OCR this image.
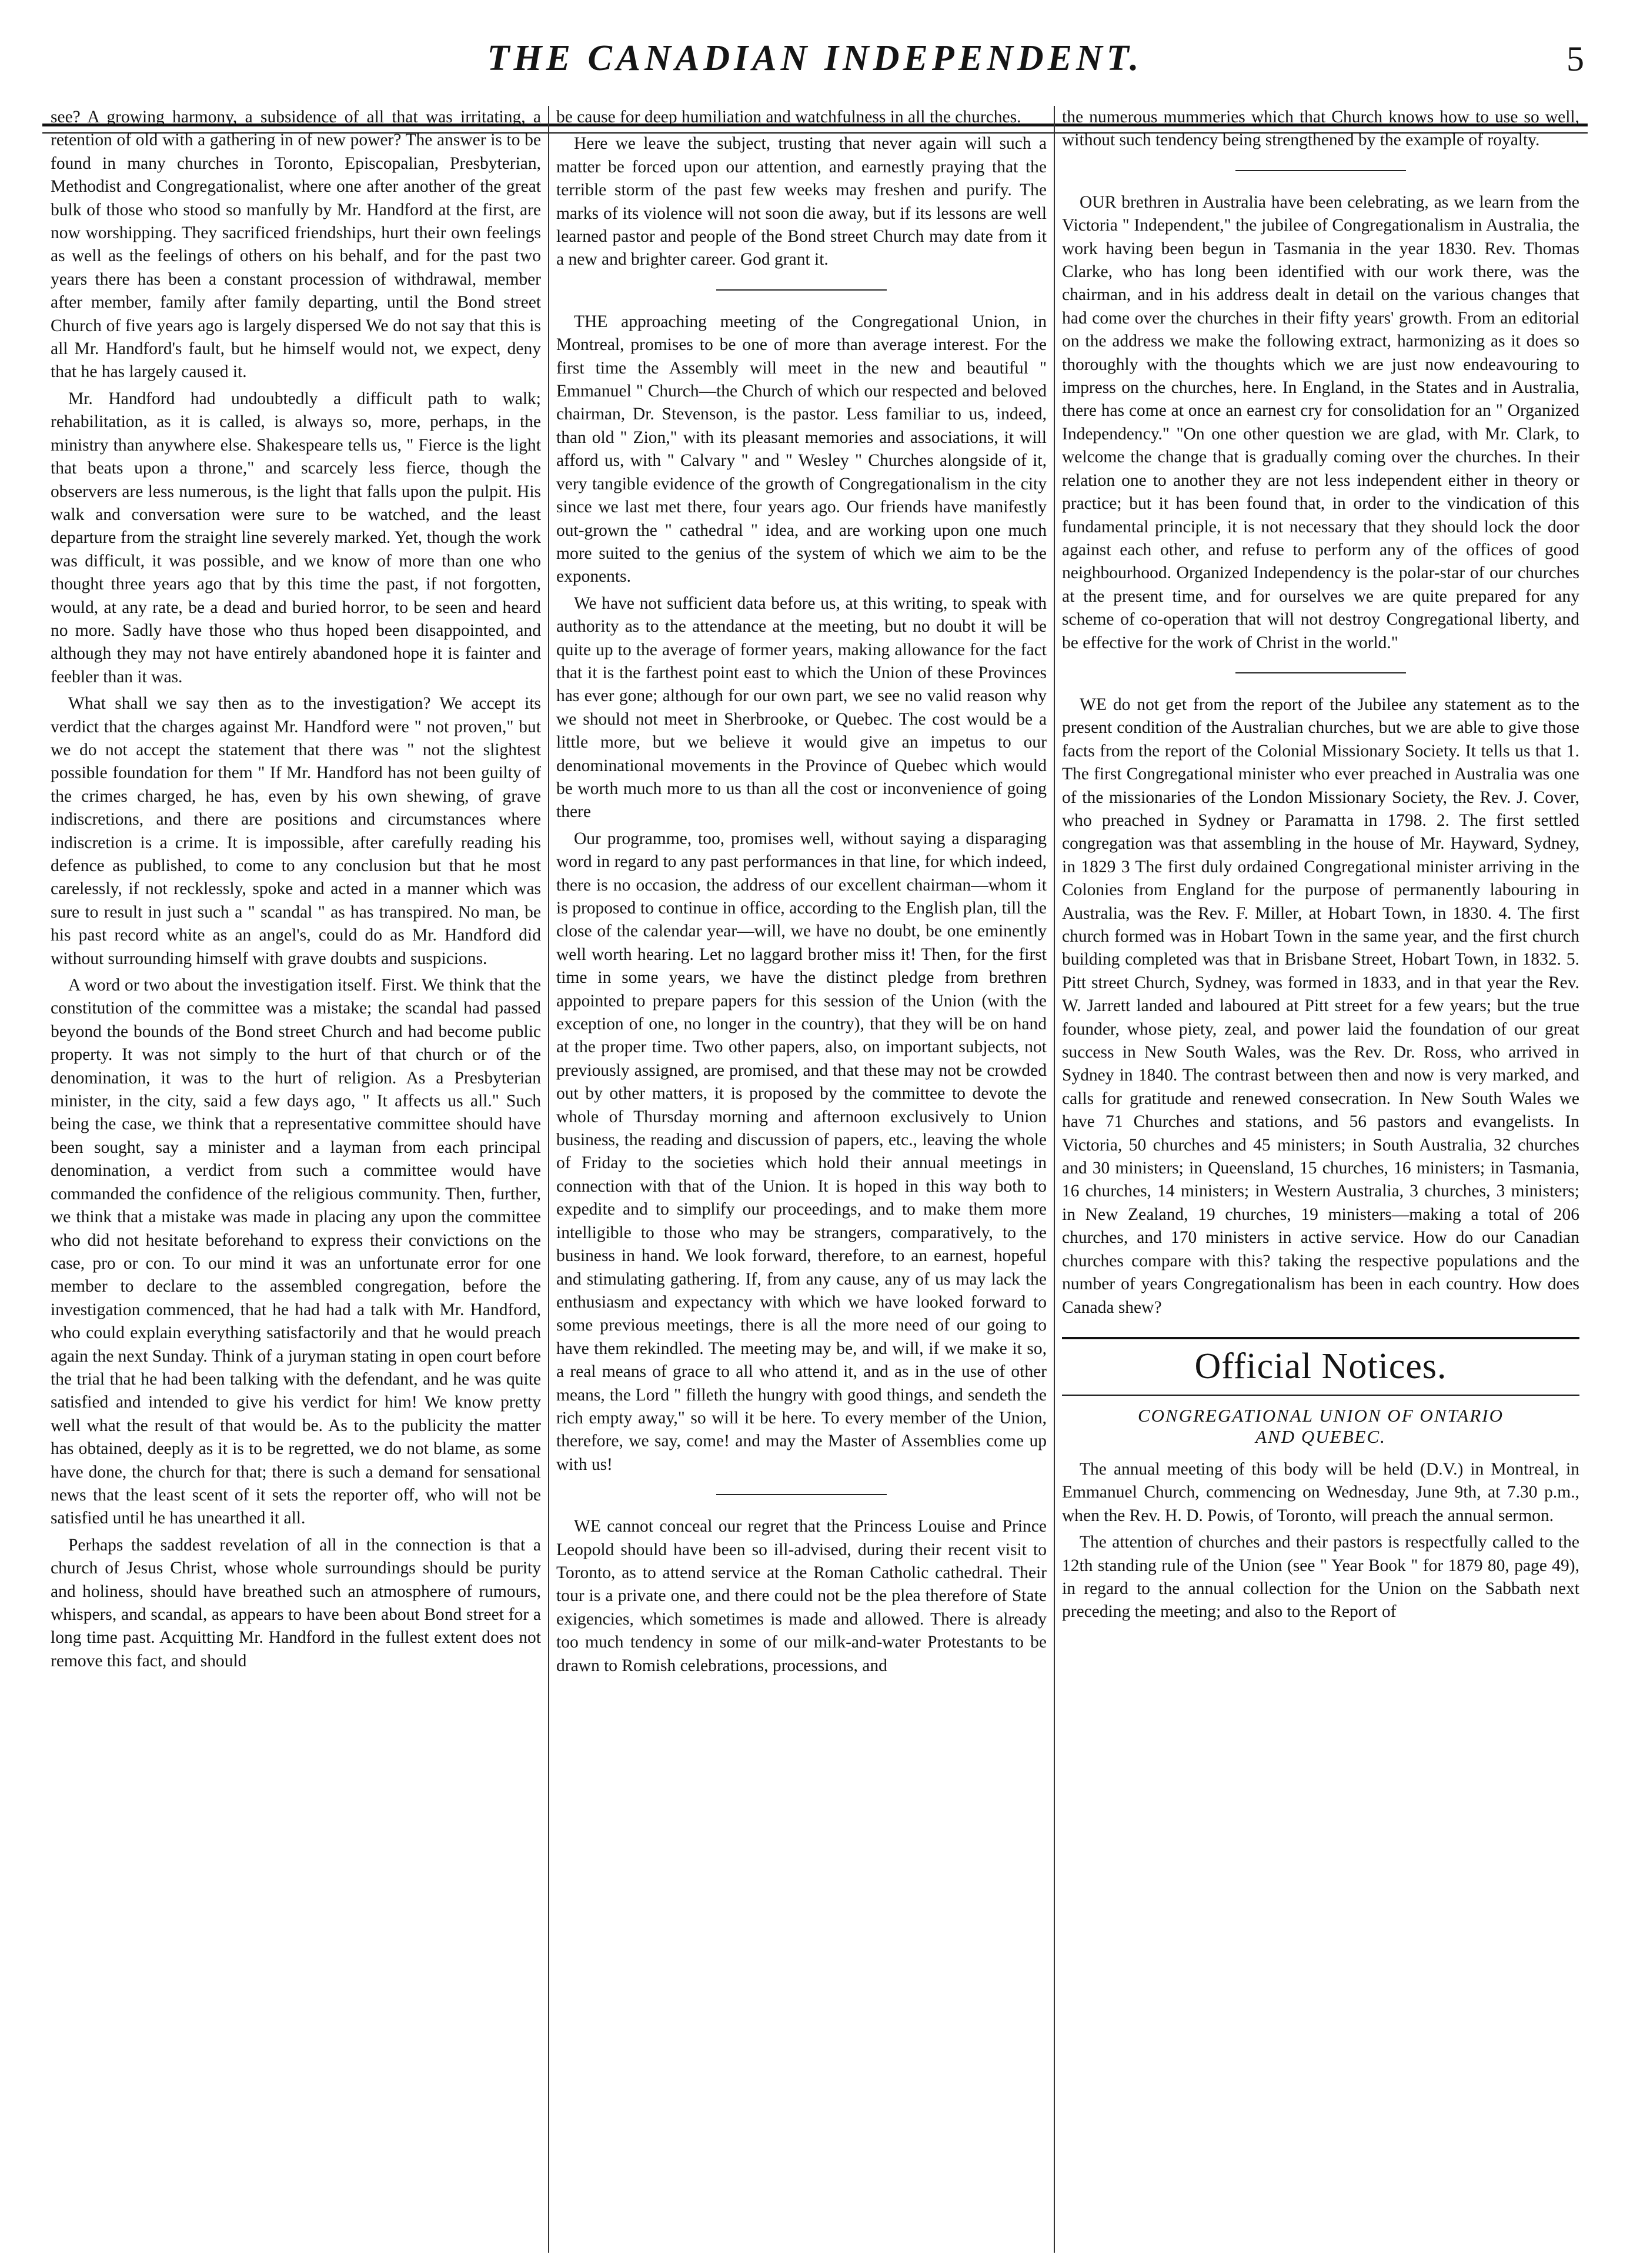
THE CANADIAN INDEPENDENT.	5

see? A growing harmony, a subsidence of all that was irritating, a retention of old with a gathering in of new power? The answer is to be found in many churches in Toronto, Episcopalian, Presbyterian, Methodist and Congregationalist, where one after another of the great bulk of those who stood so manfully by Mr. Handford at the first, are now worshipping. They sacrificed friendships, hurt their own feelings as well as the feelings of others on his behalf, and for the past two years there has been a constant procession of withdrawal, member after member, family after family departing, until the Bond street Church of five years ago is largely dispersed We do not say that this is all Mr. Handford's fault, but he himself would not, we expect, deny that he has largely caused it.

Mr. Handford had undoubtedly a difficult path to walk; rehabilitation, as it is called, is always so, more, perhaps, in the ministry than anywhere else. Shakespeare tells us, " Fierce is the light that beats upon a throne," and scarcely less fierce, though the observers are less numerous, is the light that falls upon the pulpit. His walk and conversation were sure to be watched, and the least departure from the straight line severely marked. Yet, though the work was difficult, it was possible, and we know of more than one who thought three years ago that by this time the past, if not forgotten, would, at any rate, be a dead and buried horror, to be seen and heard no more. Sadly have those who thus hoped been disappointed, and although they may not have entirely abandoned hope it is fainter and feebler than it was.

What shall we say then as to the investigation? We accept its verdict that the charges against Mr. Handford were " not proven," but we do not accept the statement that there was " not the slightest possible foundation for them " If Mr. Handford has not been guilty of the crimes charged, he has, even by his own shewing, of grave indiscretions, and there are positions and circumstances where indiscretion is a crime. It is impossible, after carefully reading his defence as published, to come to any conclusion but that he most carelessly, if not recklessly, spoke and acted in a manner which was sure to result in just such a " scandal " as has transpired. No man, be his past record white as an angel's, could do as Mr. Handford did without surrounding himself with grave doubts and suspicions.

A word or two about the investigation itself. First. We think that the constitution of the committee was a mistake; the scandal had passed beyond the bounds of the Bond street Church and had become public property. It was not simply to the hurt of that church or of the denomination, it was to the hurt of religion. As a Presbyterian minister, in the city, said a few days ago, " It affects us all." Such being the case, we think that a representative committee should have been sought, say a minister and a layman from each principal denomination, a verdict from such a committee would have commanded the confidence of the religious community. Then, further, we think that a mistake was made in placing any upon the committee who did not hesitate beforehand to express their convictions on the case, pro or con. To our mind it was an unfortunate error for one member to declare to the assembled congregation, before the investigation commenced, that he had had a talk with Mr. Handford, who could explain everything satisfactorily and that he would preach again the next Sunday. Think of a juryman stating in open court before the trial that he had been talking with the defendant, and he was quite satisfied and intended to give his verdict for him! We know pretty well what the result of that would be. As to the publicity the matter has obtained, deeply as it is to be regretted, we do not blame, as some have done, the church for that; there is such a demand for sensational news that the least scent of it sets the reporter off, who will not be satisfied until he has unearthed it all.

Perhaps the saddest revelation of all in the connection is that a church of Jesus Christ, whose whole surroundings should be purity and holiness, should have breathed such an atmosphere of rumours, whispers, and scandal, as appears to have been about Bond street for a long time past. Acquitting Mr. Handford in the fullest extent does not remove this fact, and should

be cause for deep humiliation and watchfulness in all the churches.

Here we leave the subject, trusting that never again will such a matter be forced upon our attention, and earnestly praying that the terrible storm of the past few weeks may freshen and purify. The marks of its violence will not soon die away, but if its lessons are well learned pastor and people of the Bond street Church may date from it a new and brighter career. God grant it.

THE approaching meeting of the Congregational Union, in Montreal, promises to be one of more than average interest. For the first time the Assembly will meet in the new and beautiful " Emmanuel " Church—the Church of which our respected and beloved chairman, Dr. Stevenson, is the pastor. Less familiar to us, indeed, than old " Zion," with its pleasant memories and associations, it will afford us, with " Calvary " and " Wesley " Churches alongside of it, very tangible evidence of the growth of Congregationalism in the city since we last met there, four years ago. Our friends have manifestly out-grown the " cathedral " idea, and are working upon one much more suited to the genius of the system of which we aim to be the exponents.

We have not sufficient data before us, at this writing, to speak with authority as to the attendance at the meeting, but no doubt it will be quite up to the average of former years, making allowance for the fact that it is the farthest point east to which the Union of these Provinces has ever gone; although for our own part, we see no valid reason why we should not meet in Sherbrooke, or Quebec. The cost would be a little more, but we believe it would give an impetus to our denominational movements in the Province of Quebec which would be worth much more to us than all the cost or inconvenience of going there

Our programme, too, promises well, without saying a disparaging word in regard to any past performances in that line, for which indeed, there is no occasion, the address of our excellent chairman—whom it is proposed to continue in office, according to the English plan, till the close of the calendar year—will, we have no doubt, be one eminently well worth hearing. Let no laggard brother miss it! Then, for the first time in some years, we have the distinct pledge from brethren appointed to prepare papers for this session of the Union (with the exception of one, no longer in the country), that they will be on hand at the proper time. Two other papers, also, on important subjects, not previously assigned, are promised, and that these may not be crowded out by other matters, it is proposed by the committee to devote the whole of Thursday morning and afternoon exclusively to Union business, the reading and discussion of papers, etc., leaving the whole of Friday to the societies which hold their annual meetings in connection with that of the Union. It is hoped in this way both to expedite and to simplify our proceedings, and to make them more intelligible to those who may be strangers, comparatively, to the business in hand. We look forward, therefore, to an earnest, hopeful and stimulating gathering. If, from any cause, any of us may lack the enthusiasm and expectancy with which we have looked forward to some previous meetings, there is all the more need of our going to have them rekindled. The meeting may be, and will, if we make it so, a real means of grace to all who attend it, and as in the use of other means, the Lord " filleth the hungry with good things, and sendeth the rich empty away," so will it be here. To every member of the Union, therefore, we say, come! and may the Master of Assemblies come up with us!

WE cannot conceal our regret that the Princess Louise and Prince Leopold should have been so ill-advised, during their recent visit to Toronto, as to attend service at the Roman Catholic cathedral. Their tour is a private one, and there could not be the plea therefore of State exigencies, which sometimes is made and allowed. There is already too much tendency in some of our milk-and-water Protestants to be drawn to Romish celebrations, processions, and

the numerous mummeries which that Church knows how to use so well, without such tendency being strengthened by the example of royalty.

OUR brethren in Australia have been celebrating, as we learn from the Victoria " Independent," the jubilee of Congregationalism in Australia, the work having been begun in Tasmania in the year 1830. Rev. Thomas Clarke, who has long been identified with our work there, was the chairman, and in his address dealt in detail on the various changes that had come over the churches in their fifty years' growth. From an editorial on the address we make the following extract, harmonizing as it does so thoroughly with the thoughts which we are just now endeavouring to impress on the churches, here. In England, in the States and in Australia, there has come at once an earnest cry for consolidation for an " Organized Independency." "On one other question we are glad, with Mr. Clark, to welcome the change that is gradually coming over the churches. In their relation one to another they are not less independent either in theory or practice; but it has been found that, in order to the vindication of this fundamental principle, it is not necessary that they should lock the door against each other, and refuse to perform any of the offices of good neighbourhood. Organized Independency is the polar-star of our churches at the present time, and for ourselves we are quite prepared for any scheme of co-operation that will not destroy Congregational liberty, and be effective for the work of Christ in the world."

WE do not get from the report of the Jubilee any statement as to the present condition of the Australian churches, but we are able to give those facts from the report of the Colonial Missionary Society. It tells us that 1. The first Congregational minister who ever preached in Australia was one of the missionaries of the London Missionary Society, the Rev. J. Cover, who preached in Sydney or Paramatta in 1798. 2. The first settled congregation was that assembling in the house of Mr. Hayward, Sydney, in 1829 3 The first duly ordained Congregational minister arriving in the Colonies from England for the purpose of permanently labouring in Australia, was the Rev. F. Miller, at Hobart Town, in 1830. 4. The first church formed was in Hobart Town in the same year, and the first church building completed was that in Brisbane Street, Hobart Town, in 1832. 5. Pitt street Church, Sydney, was formed in 1833, and in that year the Rev. W. Jarrett landed and laboured at Pitt street for a few years; but the true founder, whose piety, zeal, and power laid the foundation of our great success in New South Wales, was the Rev. Dr. Ross, who arrived in Sydney in 1840. The contrast between then and now is very marked, and calls for gratitude and renewed consecration. In New South Wales we have 71 Churches and stations, and 56 pastors and evangelists. In Victoria, 50 churches and 45 ministers; in South Australia, 32 churches and 30 ministers; in Queensland, 15 churches, 16 ministers; in Tasmania, 16 churches, 14 ministers; in Western Australia, 3 churches, 3 ministers; in New Zealand, 19 churches, 19 ministers—making a total of 206 churches, and 170 ministers in active service. How do our Canadian churches compare with this? taking the respective populations and the number of years Congregationalism has been in each country. How does Canada shew?

Official Notices.
CONGREGATIONAL UNION OF ONTARIO
AND QUEBEC.

The annual meeting of this body will be held (D.V.) in Montreal, in Emmanuel Church, commencing on Wednesday, June 9th, at 7.30 p.m., when the Rev. H. D. Powis, of Toronto, will preach the annual sermon.

The attention of churches and their pastors is respectfully called to the 12th standing rule of the Union (see " Year Book " for 1879 80, page 49), in regard to the annual collection for the Union on the Sabbath next preceding the meeting; and also to the Report of
